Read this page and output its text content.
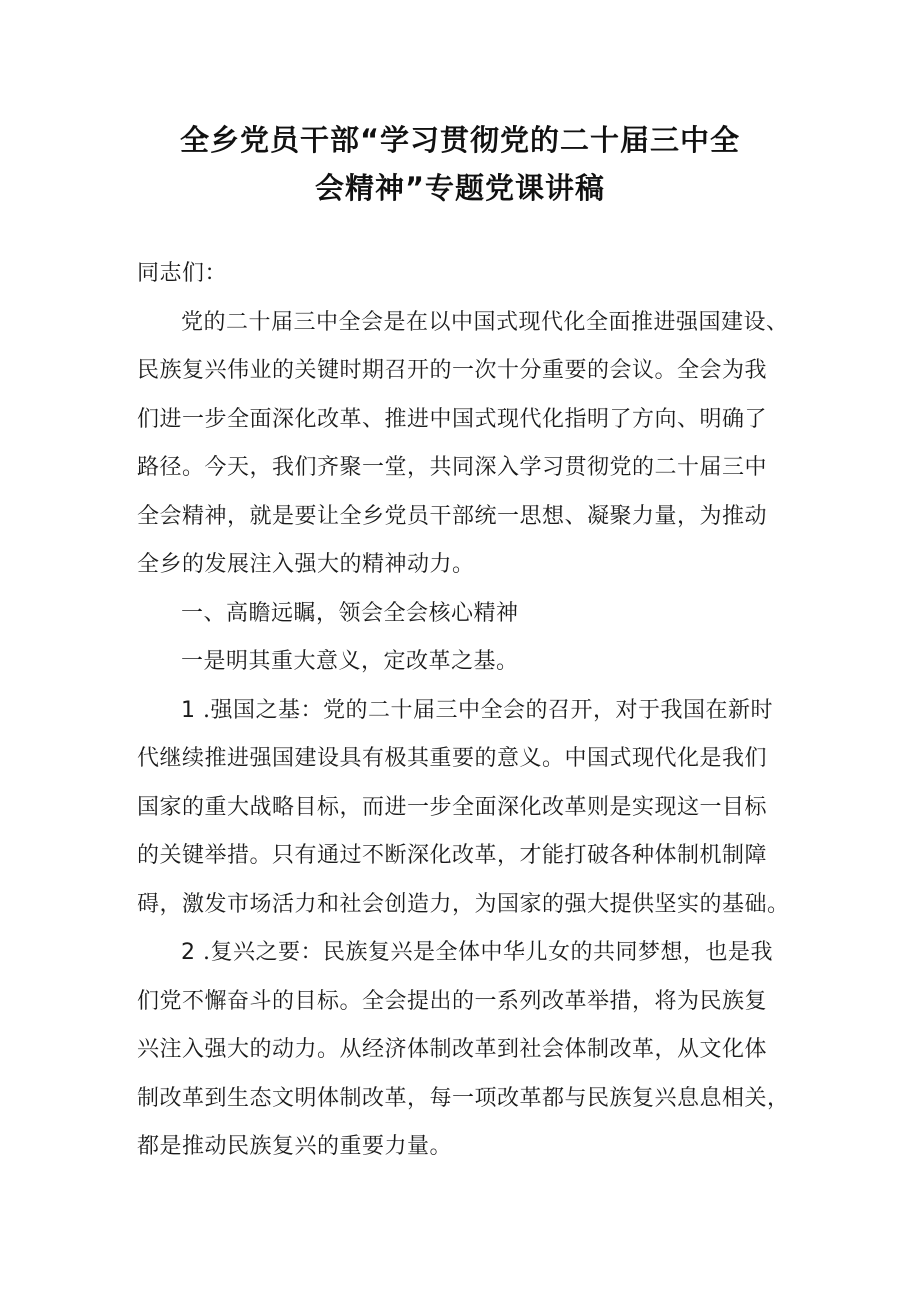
全乡党员干部“学习贯彻党的二十届三中全
会精神”专题党课讲稿
同志们：
党的二十届三中全会是在以中国式现代化全面推进强国建设、
民族复兴伟业的关键时期召开的一次十分重要的会议。全会为我
们进一步全面深化改革、推进中国式现代化指明了方向、明确了
路径。今天，我们齐聚一堂，共同深入学习贯彻党的二十届三中
全会精神，就是要让全乡党员干部统一思想、凝聚力量，为推动
全乡的发展注入强大的精神动力。
一、高瞻远瞩，领会全会核心精神
一是明其重大意义，定改革之基。
1 .强国之基：党的二十届三中全会的召开，对于我国在新时
代继续推进强国建设具有极其重要的意义。中国式现代化是我们
国家的重大战略目标，而进一步全面深化改革则是实现这一目标
的关键举措。只有通过不断深化改革，才能打破各种体制机制障
碍，激发市场活力和社会创造力，为国家的强大提供坚实的基础。
2 .复兴之要：民族复兴是全体中华儿女的共同梦想，也是我
们党不懈奋斗的目标。全会提出的一系列改革举措，将为民族复
兴注入强大的动力。从经济体制改革到社会体制改革，从文化体
制改革到生态文明体制改革，每一项改革都与民族复兴息息相关，
都是推动民族复兴的重要力量。
